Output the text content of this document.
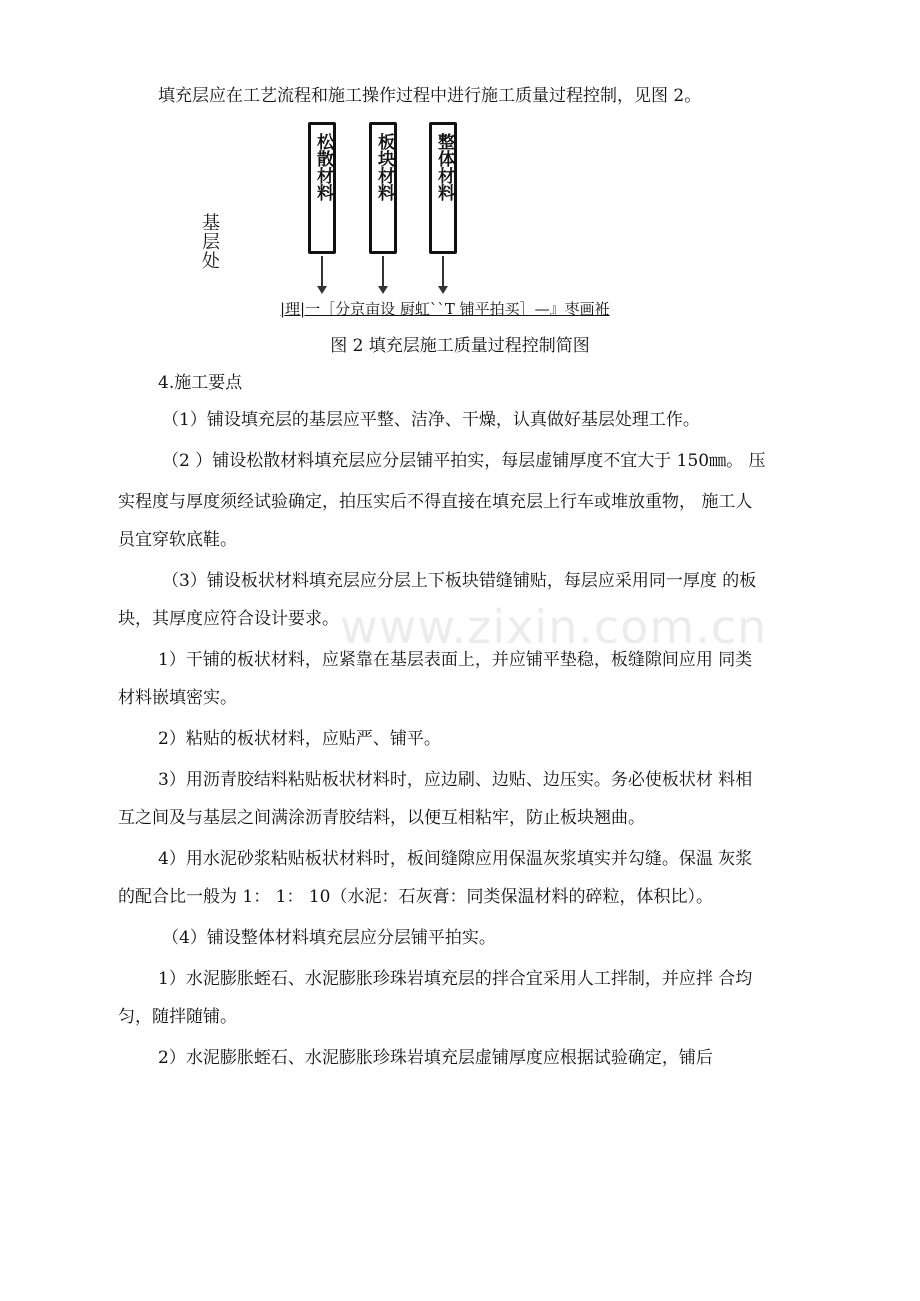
填充层应在工艺流程和施工操作过程中进行施工质量过程控制，见图 2。
基层处
松散材料 板块材料 整体材料
|理|一［分京亩设 厨虹``T 铺平拍买］—』枣画袵
图 2 填充层施工质量过程控制简图
4.施工要点
（1）铺设填充层的基层应平整、洁净、干燥，认真做好基层处理工作。
（2 ）铺设松散材料填充层应分层铺平拍实，每层虚铺厚度不宜大于 150㎜。 压
实程度与厚度须经试验确定，拍压实后不得直接在填充层上行车或堆放重物， 施工人
员宜穿软底鞋。
（3）铺设板状材料填充层应分层上下板块错缝铺贴，每层应采用同一厚度 的板
块，其厚度应符合设计要求。
1）干铺的板状材料，应紧靠在基层表面上，并应铺平垫稳，板缝隙间应用 同类
材料嵌填密实。
2）粘贴的板状材料，应贴严、铺平。
3）用沥青胶结料粘贴板状材料时，应边刷、边贴、边压实。务必使板状材 料相
互之间及与基层之间满涂沥青胶结料，以便互相粘牢，防止板块翘曲。
4）用水泥砂浆粘贴板状材料时，板间缝隙应用保温灰浆填实并勾缝。保温 灰浆
的配合比一般为 1： 1： 10（水泥：石灰膏：同类保温材料的碎粒，体积比）。
（4）铺设整体材料填充层应分层铺平拍实。
1）水泥膨胀蛭石、水泥膨胀珍珠岩填充层的拌合宜采用人工拌制，并应拌 合均
匀，随拌随铺。
2）水泥膨胀蛭石、水泥膨胀珍珠岩填充层虚铺厚度应根据试验确定，铺后
www.zixin.com.cn
